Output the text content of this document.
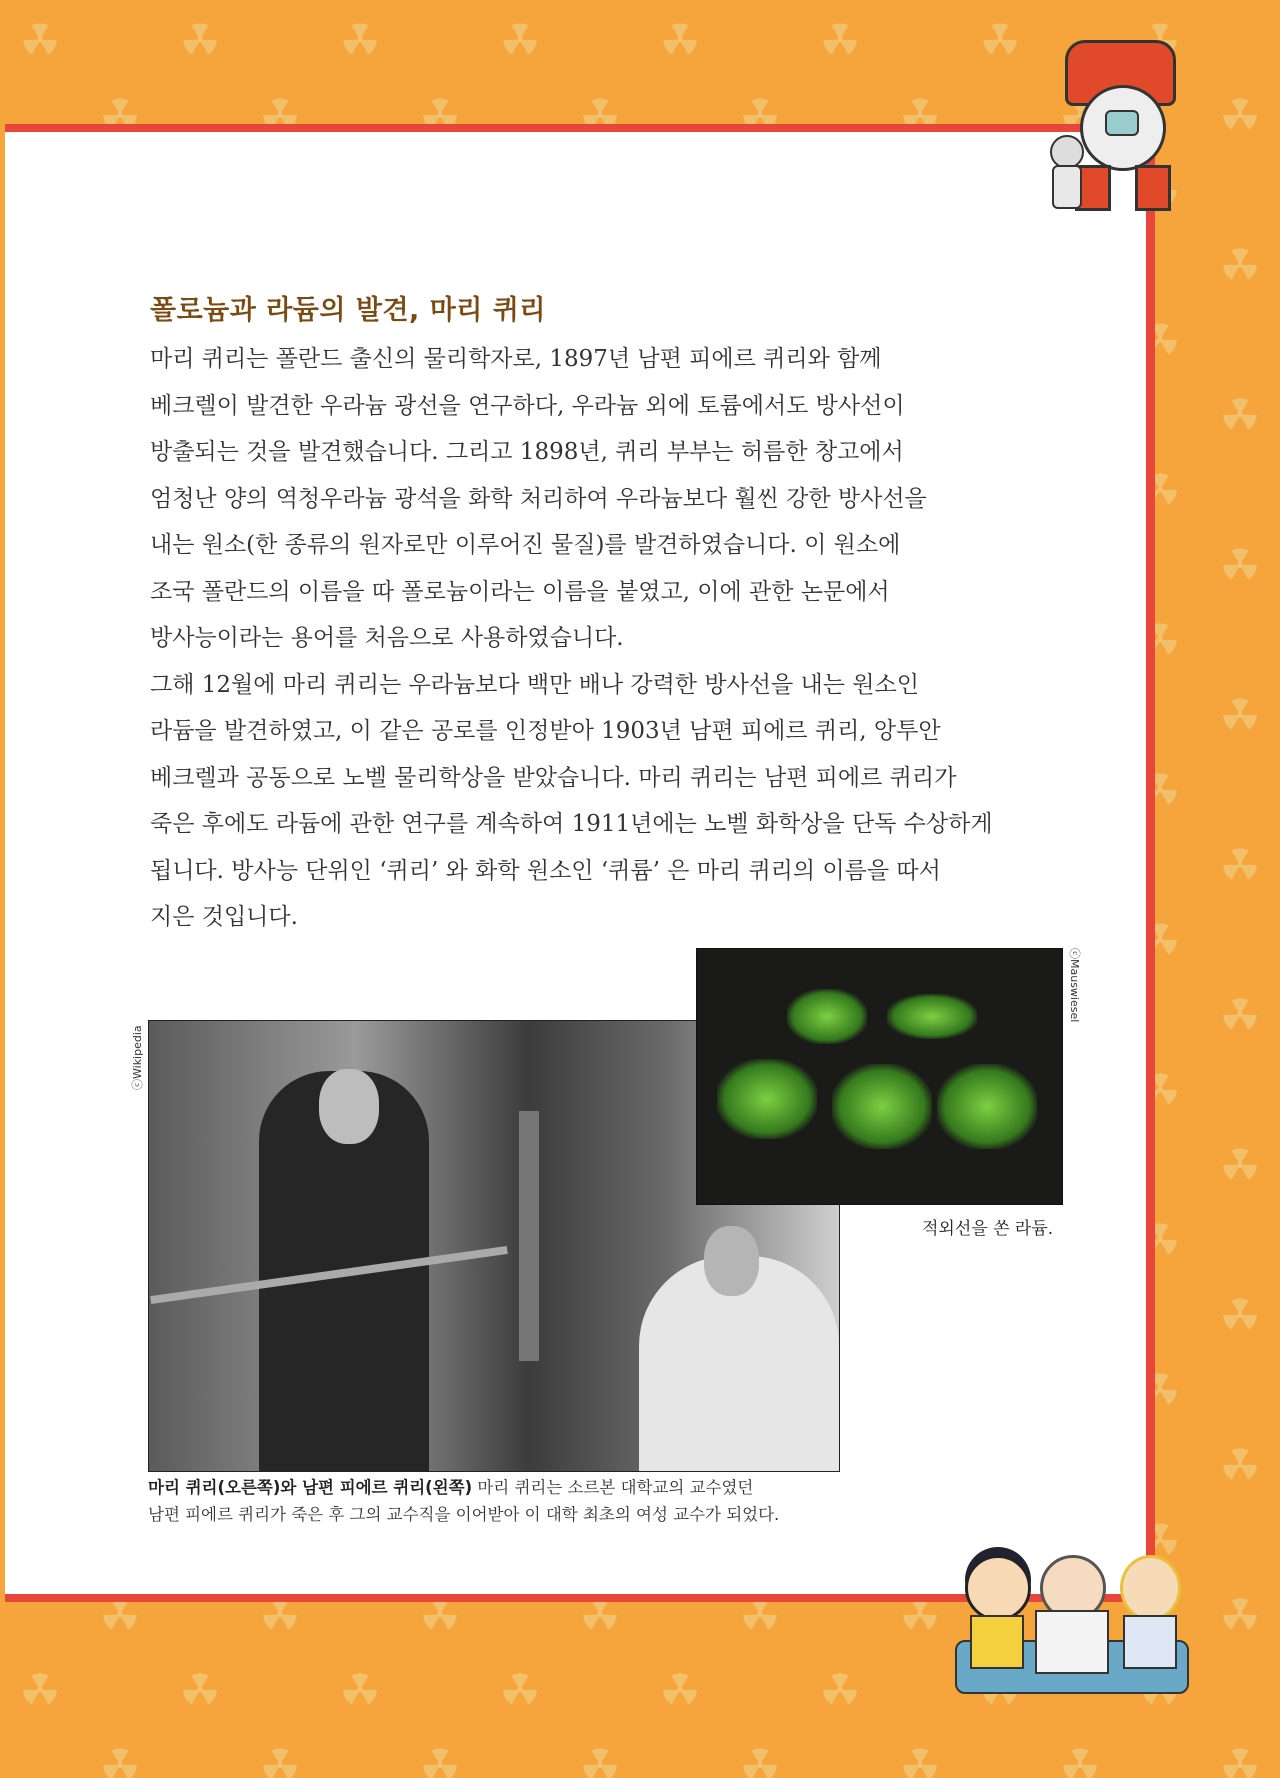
폴로늄과 라듐의 발견, 마리 퀴리

마리 퀴리는 폴란드 출신의 물리학자로, 1897년 남편 피에르 퀴리와 함께

베크렐이 발견한 우라늄 광선을 연구하다, 우라늄 외에 토륨에서도 방사선이

방출되는 것을 발견했습니다. 그리고 1898년, 퀴리 부부는 허름한 창고에서

엄청난 양의 역청우라늄 광석을 화학 처리하여 우라늄보다 훨씬 강한 방사선을

내는 원소(한 종류의 원자로만 이루어진 물질)를 발견하였습니다. 이 원소에

조국 폴란드의 이름을 따 폴로늄이라는 이름을 붙였고, 이에 관한 논문에서

방사능이라는 용어를 처음으로 사용하였습니다.

그해 12월에 마리 퀴리는 우라늄보다 백만 배나 강력한 방사선을 내는 원소인

라듐을 발견하였고, 이 같은 공로를 인정받아 1903년 남편 피에르 퀴리, 앙투안

베크렐과 공동으로 노벨 물리학상을 받았습니다. 마리 퀴리는 남편 피에르 퀴리가

죽은 후에도 라듐에 관한 연구를 계속하여 1911년에는 노벨 화학상을 단독 수상하게

됩니다. 방사능 단위인 ‘퀴리’ 와 화학 원소인 ‘퀴륨’ 은 마리 퀴리의 이름을 따서

지은 것입니다.

ⓒWikipedia
ⓒMauswiesel
적외선을 쏜 라듐.
마리 퀴리(오른쪽)와 남편 피에르 퀴리(왼쪽) 마리 퀴리는 소르본 대학교의 교수였던
남편 피에르 퀴리가 죽은 후 그의 교수직을 이어받아 이 대학 최초의 여성 교수가 되었다.
